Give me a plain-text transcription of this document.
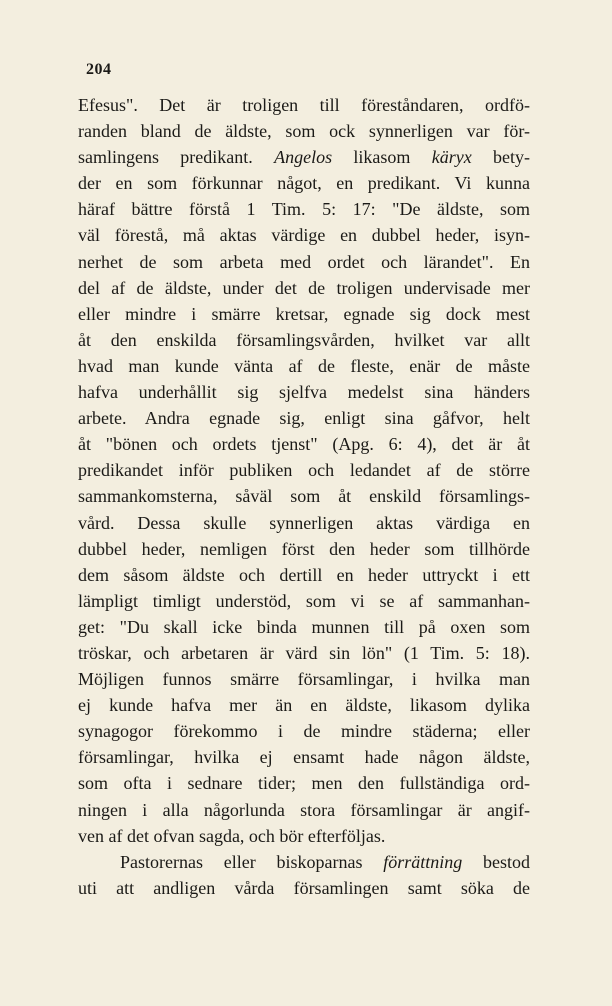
204
Efesus". Det är troligen till föreståndaren, ordfö-
randen bland de äldste, som ock synnerligen var för-
samlingens predikant. Angelos likasom käryx bety-
der en som förkunnar något, en predikant. Vi kunna
häraf bättre förstå 1 Tim. 5: 17: "De äldste, som
väl förestå, må aktas värdige en dubbel heder, isyn-
nerhet de som arbeta med ordet och lärandet". En
del af de äldste, under det de troligen undervisade mer
eller mindre i smärre kretsar, egnade sig dock mest
åt den enskilda församlingsvården, hvilket var allt
hvad man kunde vänta af de fleste, enär de måste
hafva underhållit sig sjelfva medelst sina händers
arbete. Andra egnade sig, enligt sina gåfvor, helt
åt "bönen och ordets tjenst" (Apg. 6: 4), det är åt
predikandet inför publiken och ledandet af de större
sammankomsterna, såväl som åt enskild församlings-
vård. Dessa skulle synnerligen aktas värdiga en
dubbel heder, nemligen först den heder som tillhörde
dem såsom äldste och dertill en heder uttryckt i ett
lämpligt timligt understöd, som vi se af sammanhan-
get: "Du skall icke binda munnen till på oxen som
tröskar, och arbetaren är värd sin lön" (1 Tim. 5: 18).
Möjligen funnos smärre församlingar, i hvilka man
ej kunde hafva mer än en äldste, likasom dylika
synagogor förekommo i de mindre städerna; eller
församlingar, hvilka ej ensamt hade någon äldste,
som ofta i sednare tider; men den fullständiga ord-
ningen i alla någorlunda stora församlingar är angif-
ven af det ofvan sagda, och bör efterföljas.
Pastorernas eller biskoparnas förrättning bestod
uti att andligen vårda församlingen samt söka de
